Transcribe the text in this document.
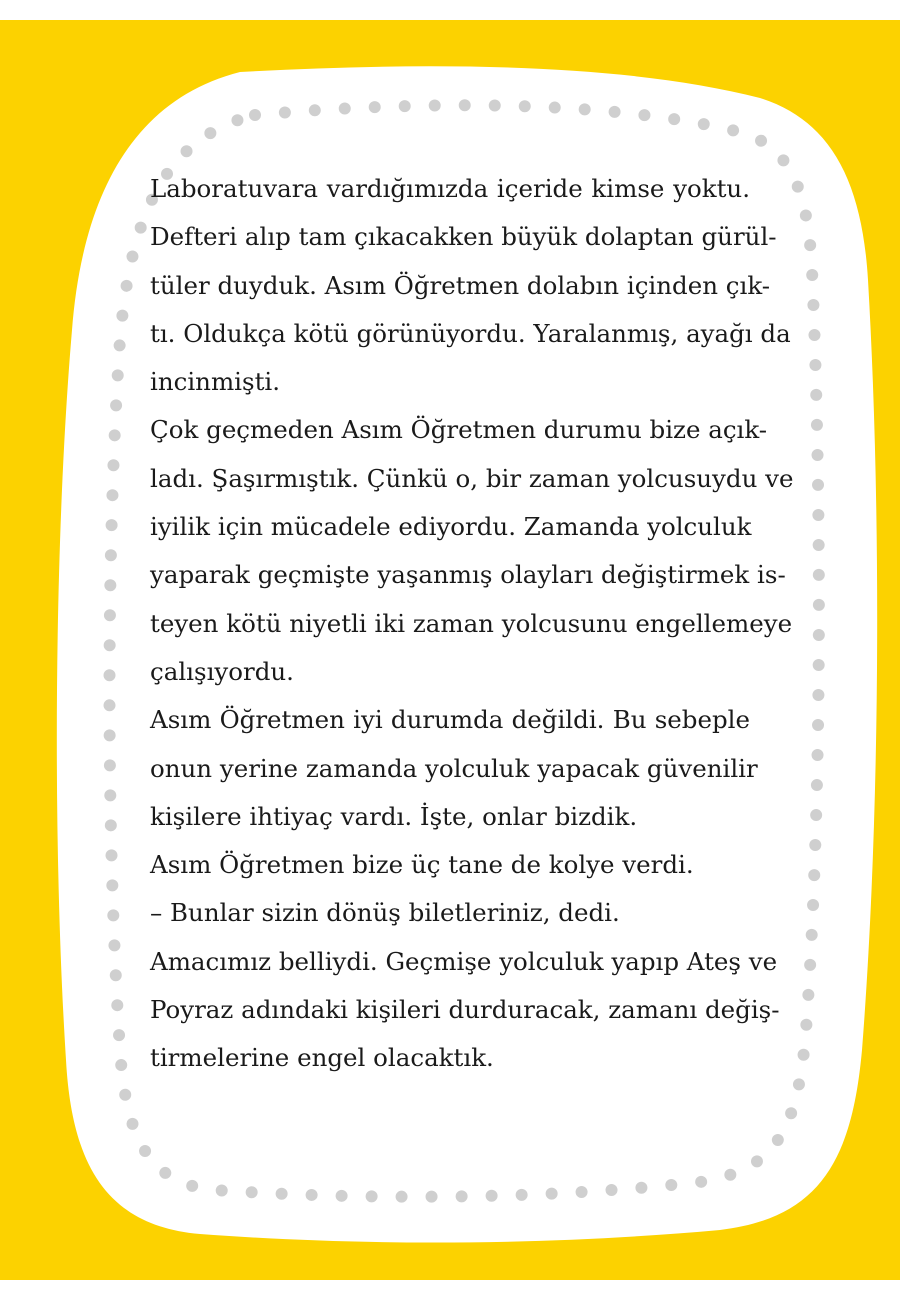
Laboratuvara vardığımızda içeride kimse yoktu.
Defteri alıp tam çıkacakken büyük dolaptan gürül-
tüler duyduk. Asım Öğretmen dolabın içinden çık-
tı. Oldukça kötü görünüyordu. Yaralanmış, ayağı da
incinmişti.
Çok geçmeden Asım Öğretmen durumu bize açık-
ladı. Şaşırmıştık. Çünkü o, bir zaman yolcusuydu ve
iyilik için mücadele ediyordu. Zamanda yolculuk
yaparak geçmişte yaşanmış olayları değiştirmek is-
teyen kötü niyetli iki zaman yolcusunu engellemeye
çalışıyordu.
Asım Öğretmen iyi durumda değildi. Bu sebeple
onun yerine zamanda yolculuk yapacak güvenilir
kişilere ihtiyaç vardı. İşte, onlar bizdik.
Asım Öğretmen bize üç tane de kolye verdi.
– Bunlar sizin dönüş biletleriniz, dedi.
Amacımız belliydi. Geçmişe yolculuk yapıp Ateş ve
Poyraz adındaki kişileri durduracak, zamanı değiş-
tirmelerine engel olacaktık.
